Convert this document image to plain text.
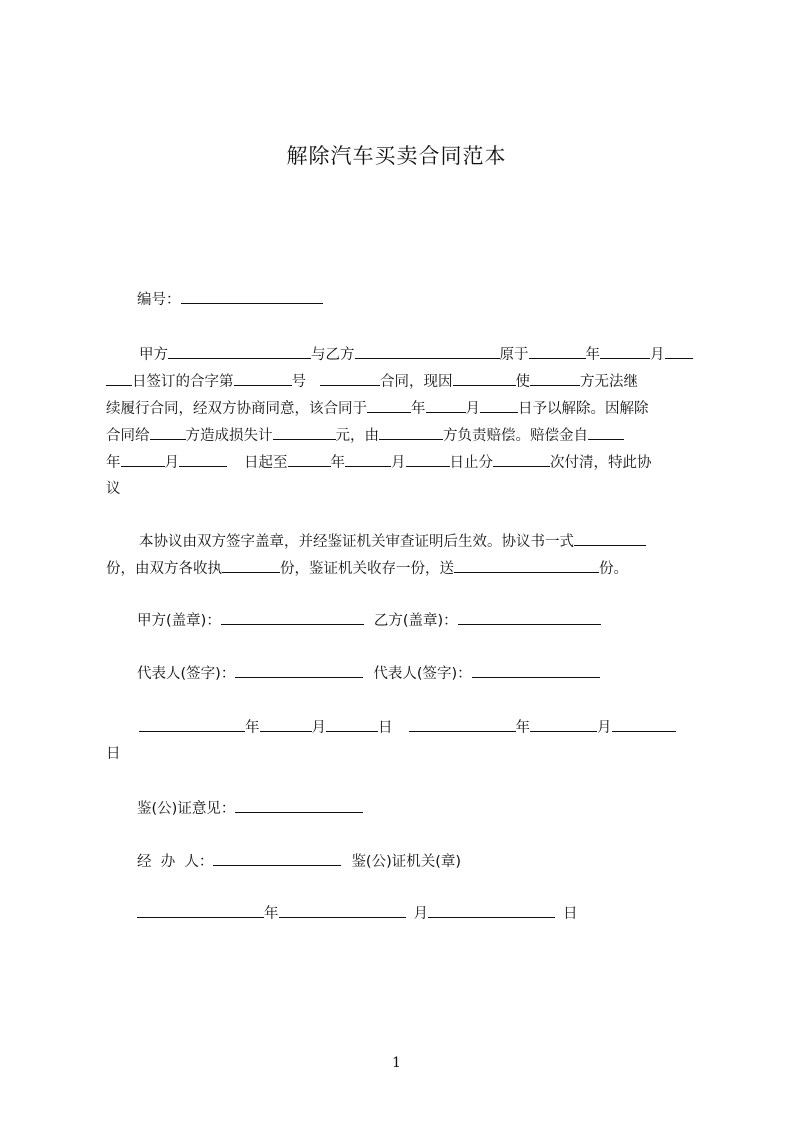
解除汽车买卖合同范本
编号：
甲方	与乙方	原于	年	月
日签订的合字第	号	合同，现因	使	方无法继
续履行合同，经双方协商同意，该合同于	年	月	日予以解除。因解除
合同给 方造成损失计	元，由	方负责赔偿。赔偿金自
年	月	日起至	年	月	日止分	次付清，特此协
议
本协议由双方签字盖章，并经鉴证机关审查证明后生效。协议书一式
份，由双方各收执	份，鉴证机关收存一份，送	份。
甲方(盖章)：	乙方(盖章)：
代表人(签字)：	代表人(签字)：
年	月	日	年	月
日
鉴(公)证意见：
经  办  人：	鉴(公)证机关(章)
年	月	日
1
